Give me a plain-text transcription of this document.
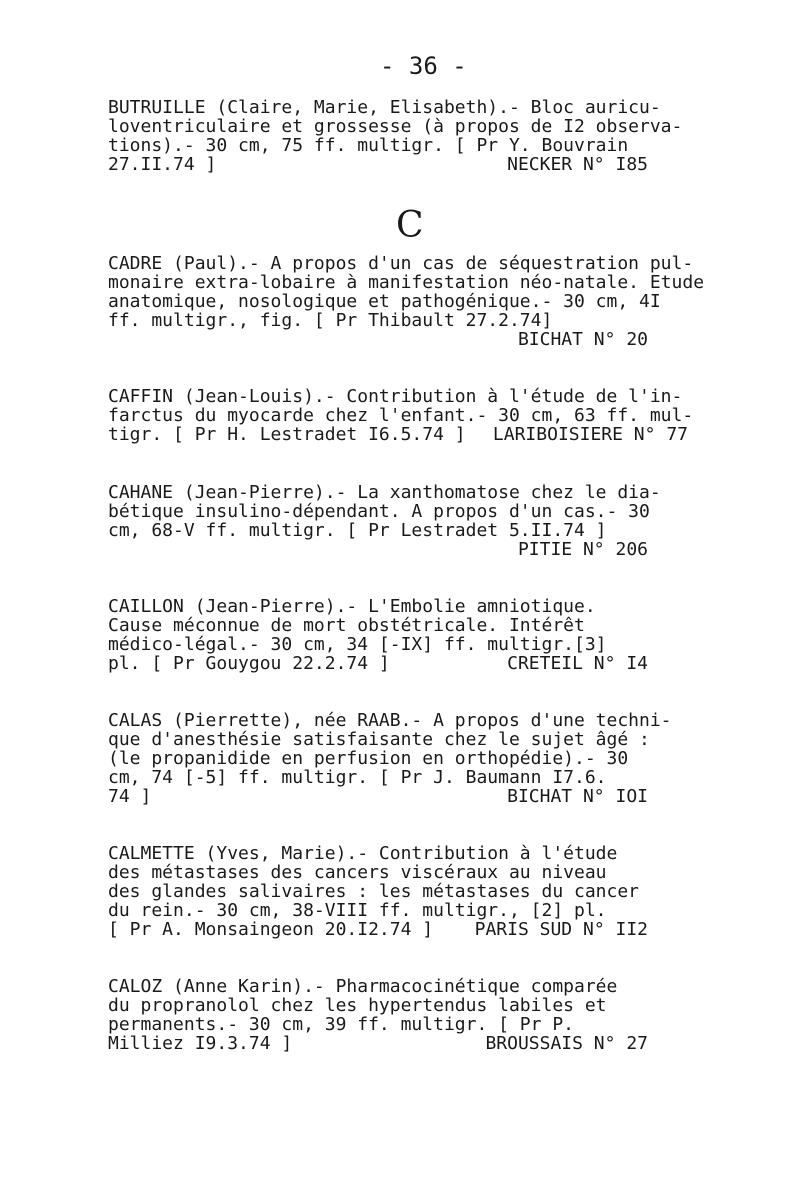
- 36 -
C
BUTRUILLE (Claire, Marie, Elisabeth).- Bloc auricu-
loventriculaire et grossesse (à propos de I2 observa-
tions).- 30 cm, 75 ff. multigr. [ Pr Y. Bouvrain
27.II.74 ]	NECKER N° I85
CADRE (Paul).- A propos d'un cas de séquestration pul-
monaire extra-lobaire à manifestation néo-natale. Etude
anatomique, nosologique et pathogénique.- 30 cm, 4I
ff. multigr., fig. [ Pr Thibault 27.2.74]
BICHAT N° 20
CAFFIN (Jean-Louis).- Contribution à l'étude de l'in-
farctus du myocarde chez l'enfant.- 30 cm, 63 ff. mul-
tigr. [ Pr H. Lestradet I6.5.74 ] LARIBOISIERE N° 77
CAHANE (Jean-Pierre).- La xanthomatose chez le dia-
bétique insulino-dépendant. A propos d'un cas.- 30
cm, 68-V ff. multigr. [ Pr Lestradet 5.II.74 ]
PITIE N° 206
CAILLON (Jean-Pierre).- L'Embolie amniotique.
Cause méconnue de mort obstétricale. Intérêt
médico-légal.- 30 cm, 34 [-IX] ff. multigr.[3]
pl. [ Pr Gouygou 22.2.74 ]	CRETEIL N° I4
CALAS (Pierrette), née RAAB.- A propos d'une techni-
que d'anesthésie satisfaisante chez le sujet âgé :
(le propanidide en perfusion en orthopédie).- 30
cm, 74 [-5] ff. multigr. [ Pr J. Baumann I7.6.
74 ]	BICHAT N° IOI
CALMETTE (Yves, Marie).- Contribution à l'étude
des métastases des cancers viscéraux au niveau
des glandes salivaires : les métastases du cancer
du rein.- 30 cm, 38-VIII ff. multigr., [2] pl.
[ Pr A. Monsaingeon 20.I2.74 ] PARIS SUD N° II2
CALOZ (Anne Karin).- Pharmacocinétique comparée
du propranolol chez les hypertendus labiles et
permanents.- 30 cm, 39 ff. multigr. [ Pr P.
Milliez I9.3.74 ]	BROUSSAIS N° 27
